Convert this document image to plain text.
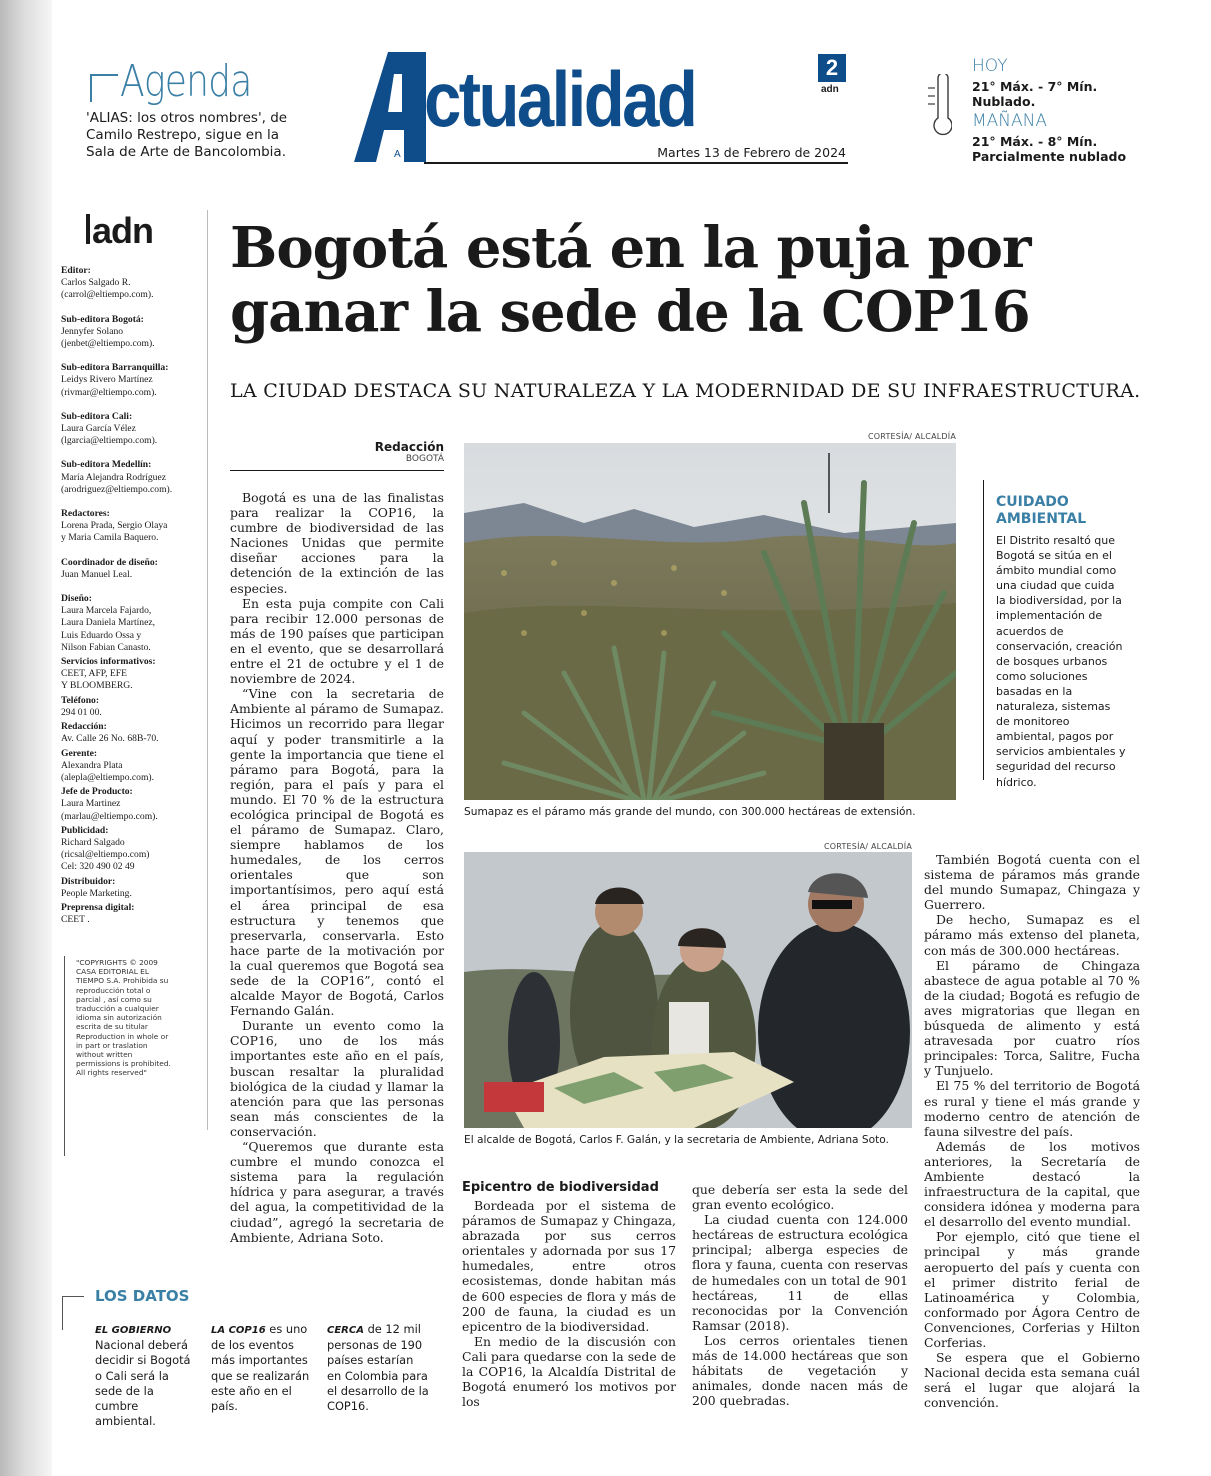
Agenda
'ALIAS: los otros nombres', de Camilo Restrepo, sigue en la Sala de Arte de Bancolombia.	A
ctualidad	2
adn
Martes 13 de Febrero de 2024
HOY
21° Máx. - 7° Mín.
Nublado.
MAÑANA
21° Máx. - 8° Mín.
Parcialmente nublado
adn
Editor:
Carlos Salgado R.
(carrol@eltiempo.com).
Sub-editora Bogotá:
Jennyfer Solano
(jenbet@eltiempo.com).
Sub-editora Barranquilla:
Leidys Rivero Martínez
(rivmar@eltiempo.com).
Sub-editora Cali:
Laura García Vélez
(lgarcia@eltiempo.com).
Sub-editora Medellín:
María Alejandra Rodríguez
(arodriguez@eltiempo.com).
Redactores:
Lorena Prada, Sergio Olaya
y Maria Camila Baquero.
Coordinador de diseño:
Juan Manuel Leal.
Diseño:
Laura Marcela Fajardo,
Laura Daniela Martínez,
Luis Eduardo Ossa y
Nilson Fabian Canasto.
Servicios informativos:
CEET, AFP, EFE
Y BLOOMBERG.
Teléfono:
294 01 00.
Redacción:
Av. Calle 26 No. 68B-70.
Gerente:
Alexandra Plata
(alepla@eltiempo.com).
Jefe de Producto:
Laura Martinez
(marlau@eltiempo.com).
Publicidad:
Richard Salgado
(ricsal@eltiempo.com)
Cel: 320 490 02 49
Distribuidor:
People Marketing.
Preprensa digital:
CEET .
"COPYRIGHTS © 2009 CASA EDITORIAL EL TIEMPO S.A. Prohibida su reproducción total o parcial , así como su traducción a cualquier idioma sin autorización escrita de su titular Reproduction in whole or in part or traslation without written permissions is prohibited. All rights reserved"
Bogotá está en la puja por
ganar la sede de la COP16
LA CIUDAD DESTACA SU NATURALEZA Y LA MODERNIDAD DE SU INFRAESTRUCTURA.
Redacción
BOGOTÁ

Bogotá es una de las finalistas para realizar la COP16, la cumbre de biodiversidad de las Naciones Unidas que permite diseñar acciones para la detención de la extinción de las especies.

En esta puja compite con Cali para recibir 12.000 personas de más de 190 países que participan en el evento, que se desarrollará entre el 21 de octubre y el 1 de noviembre de 2024.

“Vine con la secretaria de Ambiente al páramo de Sumapaz. Hicimos un recorrido para llegar aquí y poder transmitirle a la gente la importancia que tiene el páramo para Bogotá, para la región, para el país y para el mundo. El 70 % de la estructura ecológica principal de Bogotá es el páramo de Sumapaz. Claro, siempre hablamos de los humedales, de los cerros orientales que son importantísimos, pero aquí está el área principal de esa estructura y tenemos que preservarla, conservarla. Esto hace parte de la motivación por la cual queremos que Bogotá sea sede de la COP16”, contó el alcalde Mayor de Bogotá, Carlos Fernando Galán.

Durante un evento como la COP16, uno de los más importantes este año en el país, buscan resaltar la pluralidad biológica de la ciudad y llamar la atención para que las personas sean más conscientes de la conservación.

“Queremos que durante esta cumbre el mundo conozca el sistema para la regulación hídrica y para asegurar, a través del agua, la competitividad de la ciudad”, agregó la secretaria de Ambiente, Adriana Soto.

CORTESÍA/ ALCALDÍA
Sumapaz es el páramo más grande del mundo, con 300.000 hectáreas de extensión.
CUIDADO
AMBIENTAL
El Distrito resaltó que Bogotá se sitúa en el ámbito mundial como una ciudad que cuida la biodiversidad, por la implementación de acuerdos de conservación, creación de bosques urbanos como soluciones basadas en la naturaleza, sistemas de monitoreo ambiental, pagos por servicios ambientales y seguridad del recurso hídrico.
CORTESÍA/ ALCALDÍA
El alcalde de Bogotá, Carlos F. Galán, y la secretaria de Ambiente, Adriana Soto.
Epicentro de biodiversidad

Bordeada por el sistema de páramos de Sumapaz y Chingaza, abrazada por sus cerros orientales y adornada por sus 17 humedales, entre otros ecosistemas, donde habitan más de 600 especies de flora y más de 200 de fauna, la ciudad es un epicentro de la biodiversidad.

En medio de la discusión con Cali para quedarse con la sede de la COP16, la Alcaldía Distrital de Bogotá enumeró los motivos por los

que debería ser esta la sede del gran evento ecológico.

La ciudad cuenta con 124.000 hectáreas de estructura ecológica principal; alberga especies de flora y fauna, cuenta con reservas de humedales con un total de 901 hectáreas, 11 de ellas reconocidas por la Convención Ramsar (2018).

Los cerros orientales tienen más de 14.000 hectáreas que son hábitats de vegetación y animales, donde nacen más de 200 quebradas.

También Bogotá cuenta con el sistema de páramos más grande del mundo Sumapaz, Chingaza y Guerrero.

De hecho, Sumapaz es el páramo más extenso del planeta, con más de 300.000 hectáreas.

El páramo de Chingaza abastece de agua potable al 70 % de la ciudad; Bogotá es refugio de aves migratorias que llegan en búsqueda de alimento y está atravesada por cuatro ríos principales: Torca, Salitre, Fucha y Tunjuelo.

El 75 % del territorio de Bogotá es rural y tiene el más grande y moderno centro de atención de fauna silvestre del país.

Además de los motivos anteriores, la Secretaría de Ambiente destacó la infraestructura de la capital, que considera idónea y moderna para el desarrollo del evento mundial.

Por ejemplo, citó que tiene el principal y más grande aeropuerto del país y cuenta con el primer distrito ferial de Latinoamérica y Colombia, conformado por Ágora Centro de Convenciones, Corferias y Hilton Corferias.

Se espera que el Gobierno Nacional decida esta semana cuál será el lugar que alojará la convención.

LOS DATOS
EL GOBIERNO Nacional deberá decidir si Bogotá o Cali será la sede de la cumbre ambiental.
LA COP16 es uno de los eventos más importantes que se realizarán este año en el país.
CERCA de 12 mil personas de 190 países estarían en Colombia para el desarrollo de la COP16.
